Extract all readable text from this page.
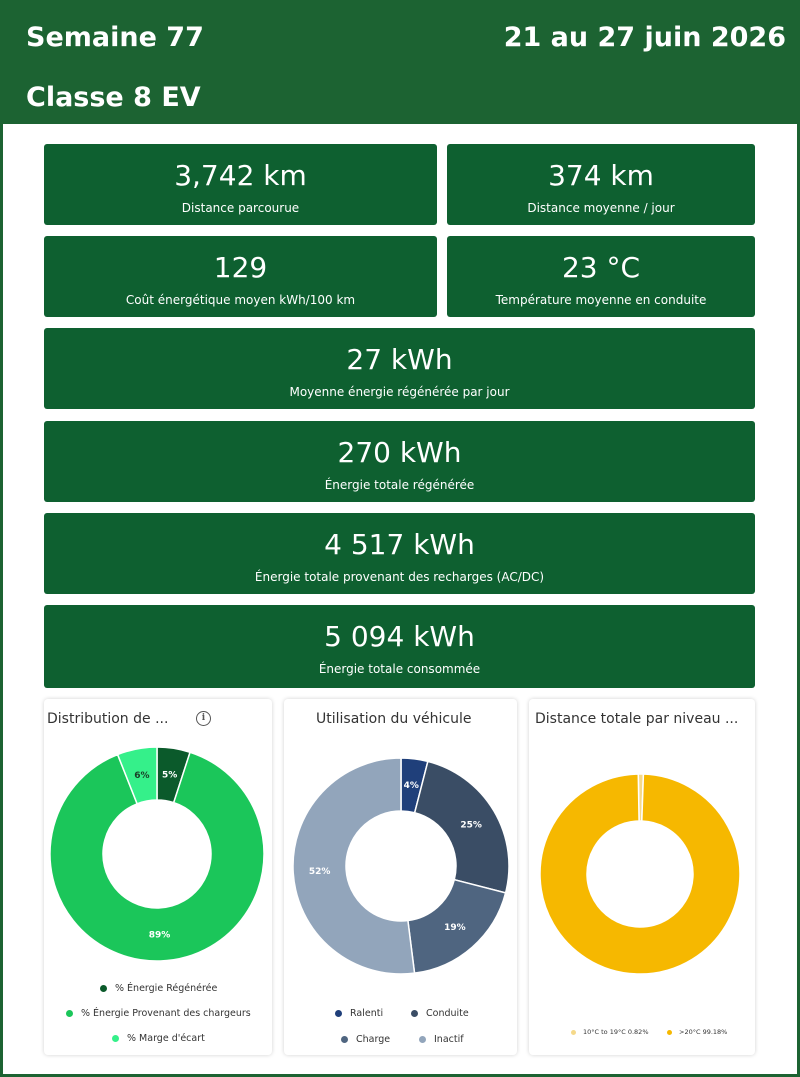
Semaine 77	21 au 27 juin 2026
Classe 8 EV
3,742 km
Distance parcourue
374 km
Distance moyenne / jour
129
Coût énergétique moyen kWh/100 km
23 °C
Température moyenne en conduite
27 kWh
Moyenne énergie régénérée par jour
270 kWh
Énergie totale régénérée
4 517 kWh
Énergie totale provenant des recharges (AC/DC)
5 094 kWh
Énergie totale consommée
Distribution de ...	i
5%
89%
6%
% Énergie Régénérée
% Énergie Provenant des chargeurs
% Marge d'écart
Utilisation du véhicule
4%
25%
19%
52%
Ralenti	Conduite
Charge	Inactif
Distance totale par niveau ...
10°C to 19°C 0.82%	>20°C 99.18%
